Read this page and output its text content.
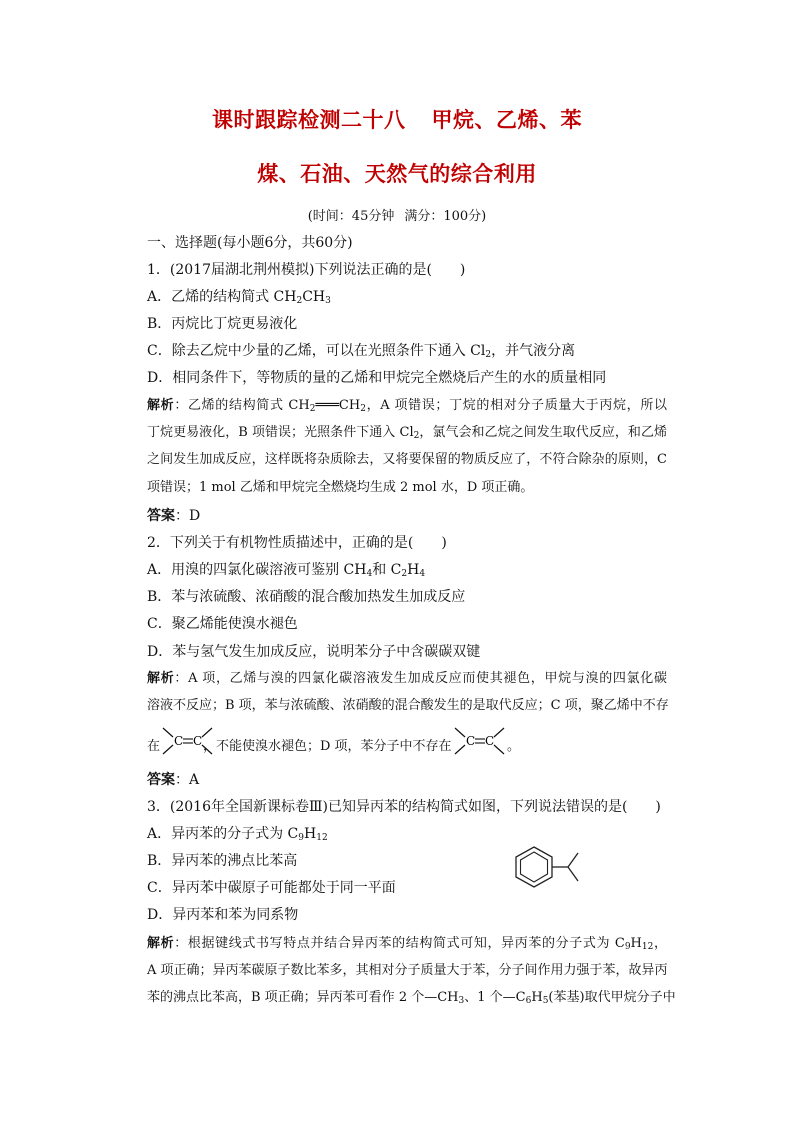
课时跟踪检测二十八 甲烷、乙烯、苯
煤、石油、天然气的综合利用
(时间：45分钟 满分：100分)
一、选择题(每小题6分，共60分)
1．(2017届湖北荆州模拟)下列说法正确的是(　　)
A．乙烯的结构简式 $CH_2CH_3$
B．丙烷比丁烷更易液化
C．除去乙烷中少量的乙烯，可以在光照条件下通入 $Cl_2$，并气液分离
D．相同条件下，等物质的量的乙烯和甲烷完全燃烧后产生的水的质量相同
解析：乙烯的结构简式 $CH_2═══CH_2$，A 项错误；丁烷的相对分子质量大于丙烷，所以
丁烷更易液化，B 项错误；光照条件下通入 $Cl_2$，氯气会和乙烷之间发生取代反应，和乙烯
之间发生加成反应，这样既将杂质除去，又将要保留的物质反应了，不符合除杂的原则，C
项错误；1 mol 乙烯和甲烷完全燃烧均生成 2 mol 水，D 项正确。
答案：D
2．下列关于有机物性质描述中，正确的是(　　)
A．用溴的四氯化碳溶液可鉴别 $CH_4$和 $C_2H_4$
B．苯与浓硫酸、浓硝酸的混合酸加热发生加成反应
C．聚乙烯能使溴水褪色
D．苯与氢气发生加成反应，说明苯分子中含碳碳双键
解析：A 项，乙烯与溴的四氯化碳溶液发生加成反应而使其褪色，甲烷与溴的四氯化碳
溶液不反应；B 项，苯与浓硫酸、浓硝酸的混合酸发生的是取代反应；C 项，聚乙烯中不存
在 C C ，不能使溴水褪色；D 项，苯分子中不存在 C C 。
答案：A
3．(2016年全国新课标卷Ⅲ)已知异丙苯的结构简式如图，下列说法错误的是(　　)
A．异丙苯的分子式为 $C_9H_{12}$
B．异丙苯的沸点比苯高
C．异丙苯中碳原子可能都处于同一平面
D．异丙苯和苯为同系物
解析：根据键线式书写特点并结合异丙苯的结构简式可知，异丙苯的分子式为 $C_9H_{12}$，
A 项正确；异丙苯碳原子数比苯多，其相对分子质量大于苯，分子间作用力强于苯，故异丙
苯的沸点比苯高，B 项正确；异丙苯可看作 2 个$—CH_3$、1 个$—C_6H_5$(苯基)取代甲烷分子中
